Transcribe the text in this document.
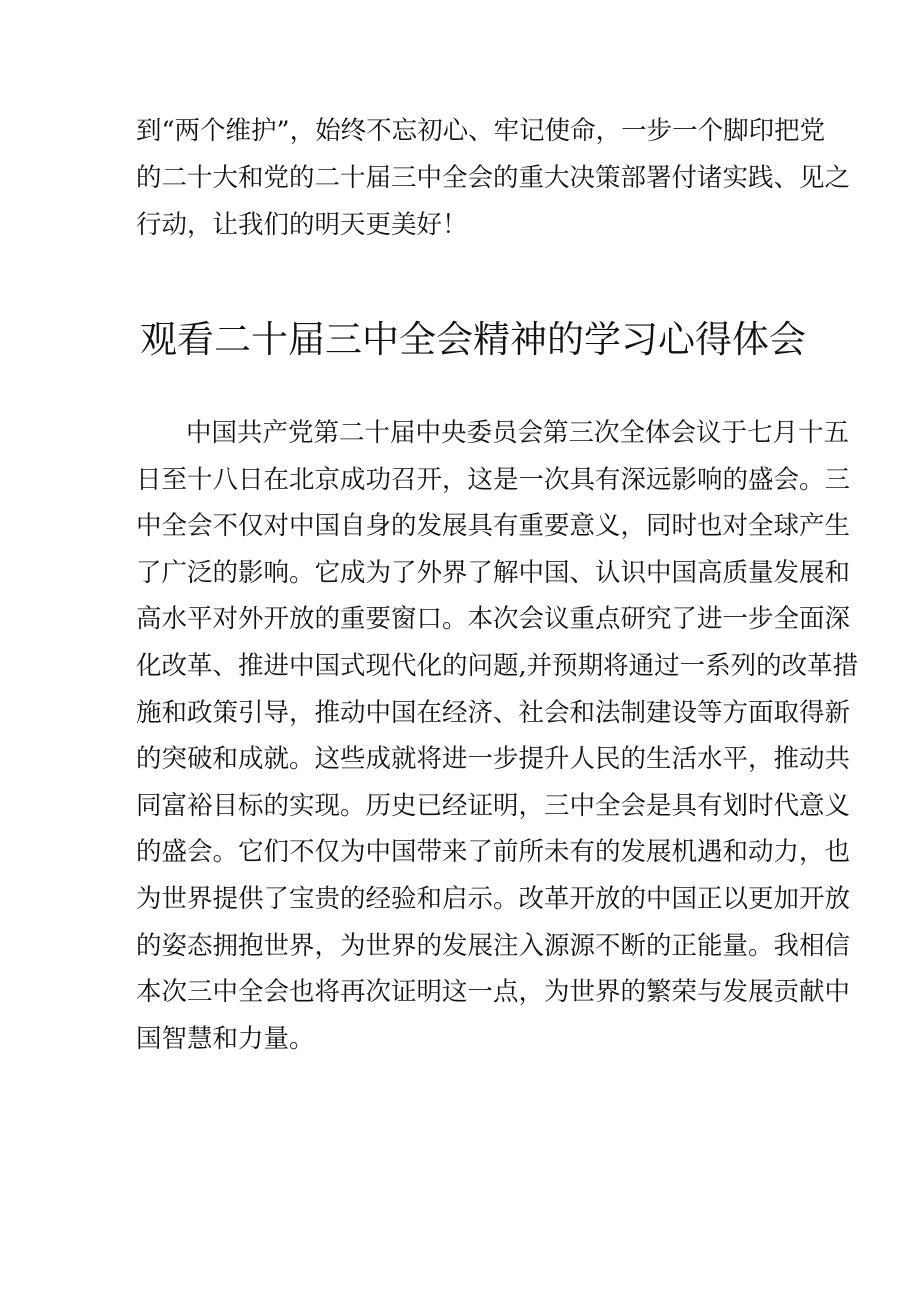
到“两个维护”，始终不忘初心、牢记使命，一步一个脚印把党
的二十大和党的二十届三中全会的重大决策部署付诸实践、见之
行动，让我们的明天更美好！
观看二十届三中全会精神的学习心得体会
中国共产党第二十届中央委员会第三次全体会议于七月十五
日至十八日在北京成功召开，这是一次具有深远影响的盛会。三
中全会不仅对中国自身的发展具有重要意义，同时也对全球产生
了广泛的影响。它成为了外界了解中国、认识中国高质量发展和
高水平对外开放的重要窗口。本次会议重点研究了进一步全面深
化改革、推进中国式现代化的问题,并预期将通过一系列的改革措
施和政策引导，推动中国在经济、社会和法制建设等方面取得新
的突破和成就。这些成就将进一步提升人民的生活水平，推动共
同富裕目标的实现。历史已经证明，三中全会是具有划时代意义
的盛会。它们不仅为中国带来了前所未有的发展机遇和动力，也
为世界提供了宝贵的经验和启示。改革开放的中国正以更加开放
的姿态拥抱世界，为世界的发展注入源源不断的正能量。我相信
本次三中全会也将再次证明这一点，为世界的繁荣与发展贡献中
国智慧和力量。
